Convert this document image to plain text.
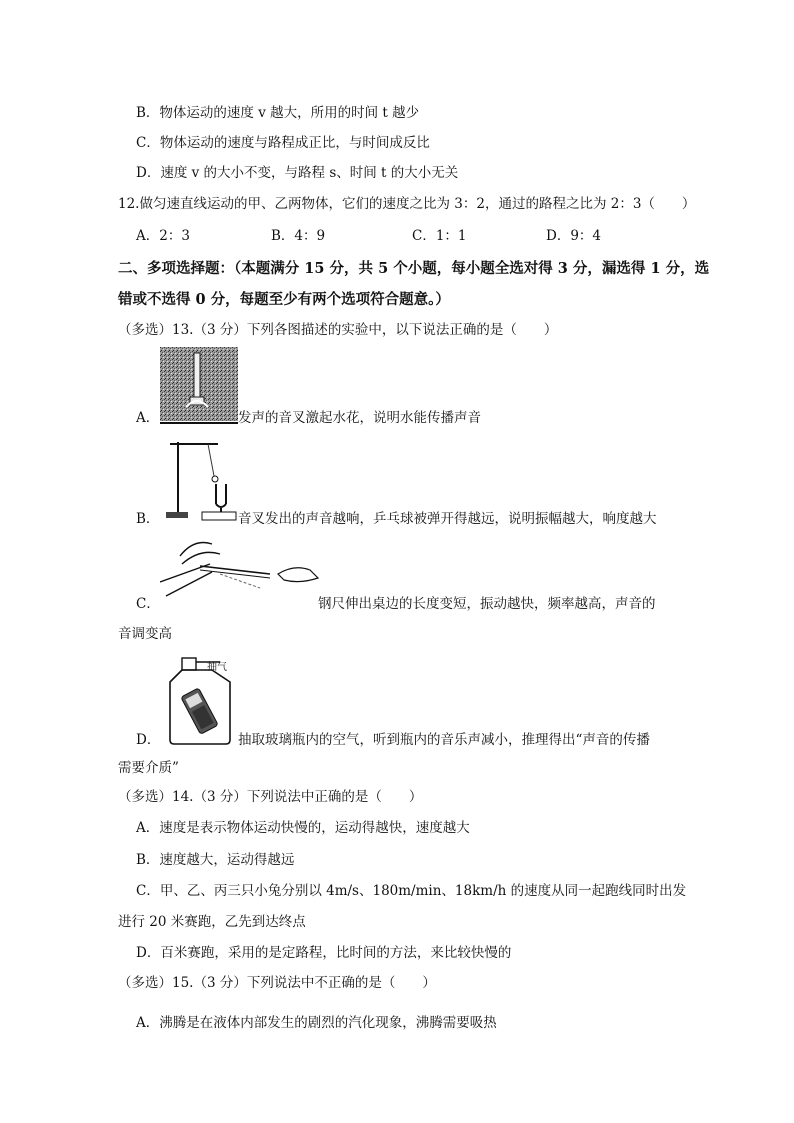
B．物体运动的速度 v 越大，所用的时间 t 越少
C．物体运动的速度与路程成正比，与时间成反比
D．速度 v 的大小不变，与路程 s、时间 t 的大小无关
12.做匀速直线运动的甲、乙两物体，它们的速度之比为 3：2，通过的路程之比为 2：3（　　）
A．2：3	B．4：9	C．1：1	D．9：4
二、多项选择题：（本题满分 15 分，共 5 个小题，每小题全选对得 3 分，漏选得 1 分，选
错或不选得 0 分，每题至少有两个选项符合题意。）
（多选）13.（3 分）下列各图描述的实验中，以下说法正确的是（　　）
A．	发声的音叉激起水花，说明水能传播声音
B．	音叉发出的声音越响，乒乓球被弹开得越远，说明振幅越大，响度越大
C．	钢尺伸出桌边的长度变短，振动越快，频率越高，声音的
音调变高
抽气
D．	抽取玻璃瓶内的空气，听到瓶内的音乐声减小，推理得出“声音的传播
需要介质”
（多选）14.（3 分）下列说法中正确的是（　　）
A．速度是表示物体运动快慢的，运动得越快，速度越大
B．速度越大，运动得越远
C．甲、乙、丙三只小兔分别以 4m/s、180m/min、18km/h 的速度从同一起跑线同时出发
进行 20 米赛跑，乙先到达终点
D．百米赛跑，采用的是定路程，比时间的方法，来比较快慢的
（多选）15.（3 分）下列说法中不正确的是（　　）
A．沸腾是在液体内部发生的剧烈的汽化现象，沸腾需要吸热
